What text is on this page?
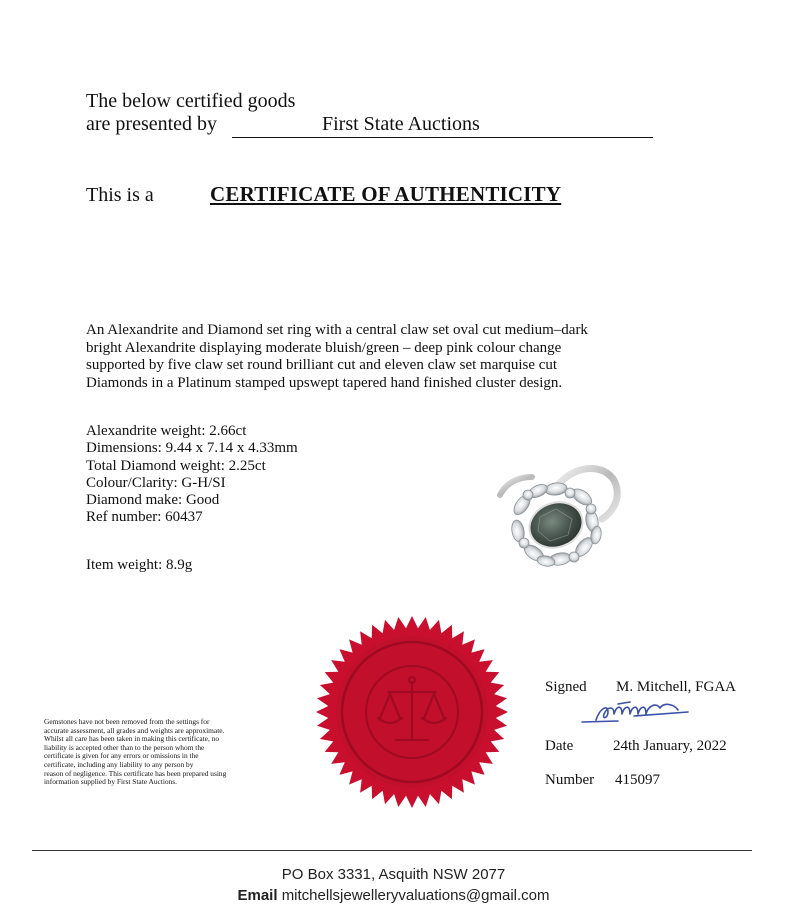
The below certified goods
are presented by	First State Auctions
This is a	CERTIFICATE OF AUTHENTICITY
An Alexandrite and Diamond set ring with a central claw set oval cut medium–dark
bright Alexandrite displaying moderate bluish/green – deep pink colour change
supported by five claw set round brilliant cut and eleven claw set marquise cut
Diamonds in a Platinum stamped upswept tapered hand finished cluster design.
Alexandrite weight: 2.66ct
Dimensions: 9.44 x 7.14 x 4.33mm
Total Diamond weight: 2.25ct
Colour/Clarity: G-H/SI
Diamond make: Good
Ref number: 60437
Item weight: 8.9g
Gemstones have not been removed from the settings for
accurate assessment, all grades and weights are approximate.
Whilst all care has been taken in making this certificate, no
liability is accepted other than to the person whom the
certificate is given for any errors or omissions in the
certificate, including any liability to any person by
reason of negligence. This certificate has been prepared using
information supplied by First State Auctions.
Signed M. Mitchell, FGAA
Date	24th January, 2022
Number 415097
PO Box 3331, Asquith NSW 2077
Email mitchellsjewelleryvaluations@gmail.com
